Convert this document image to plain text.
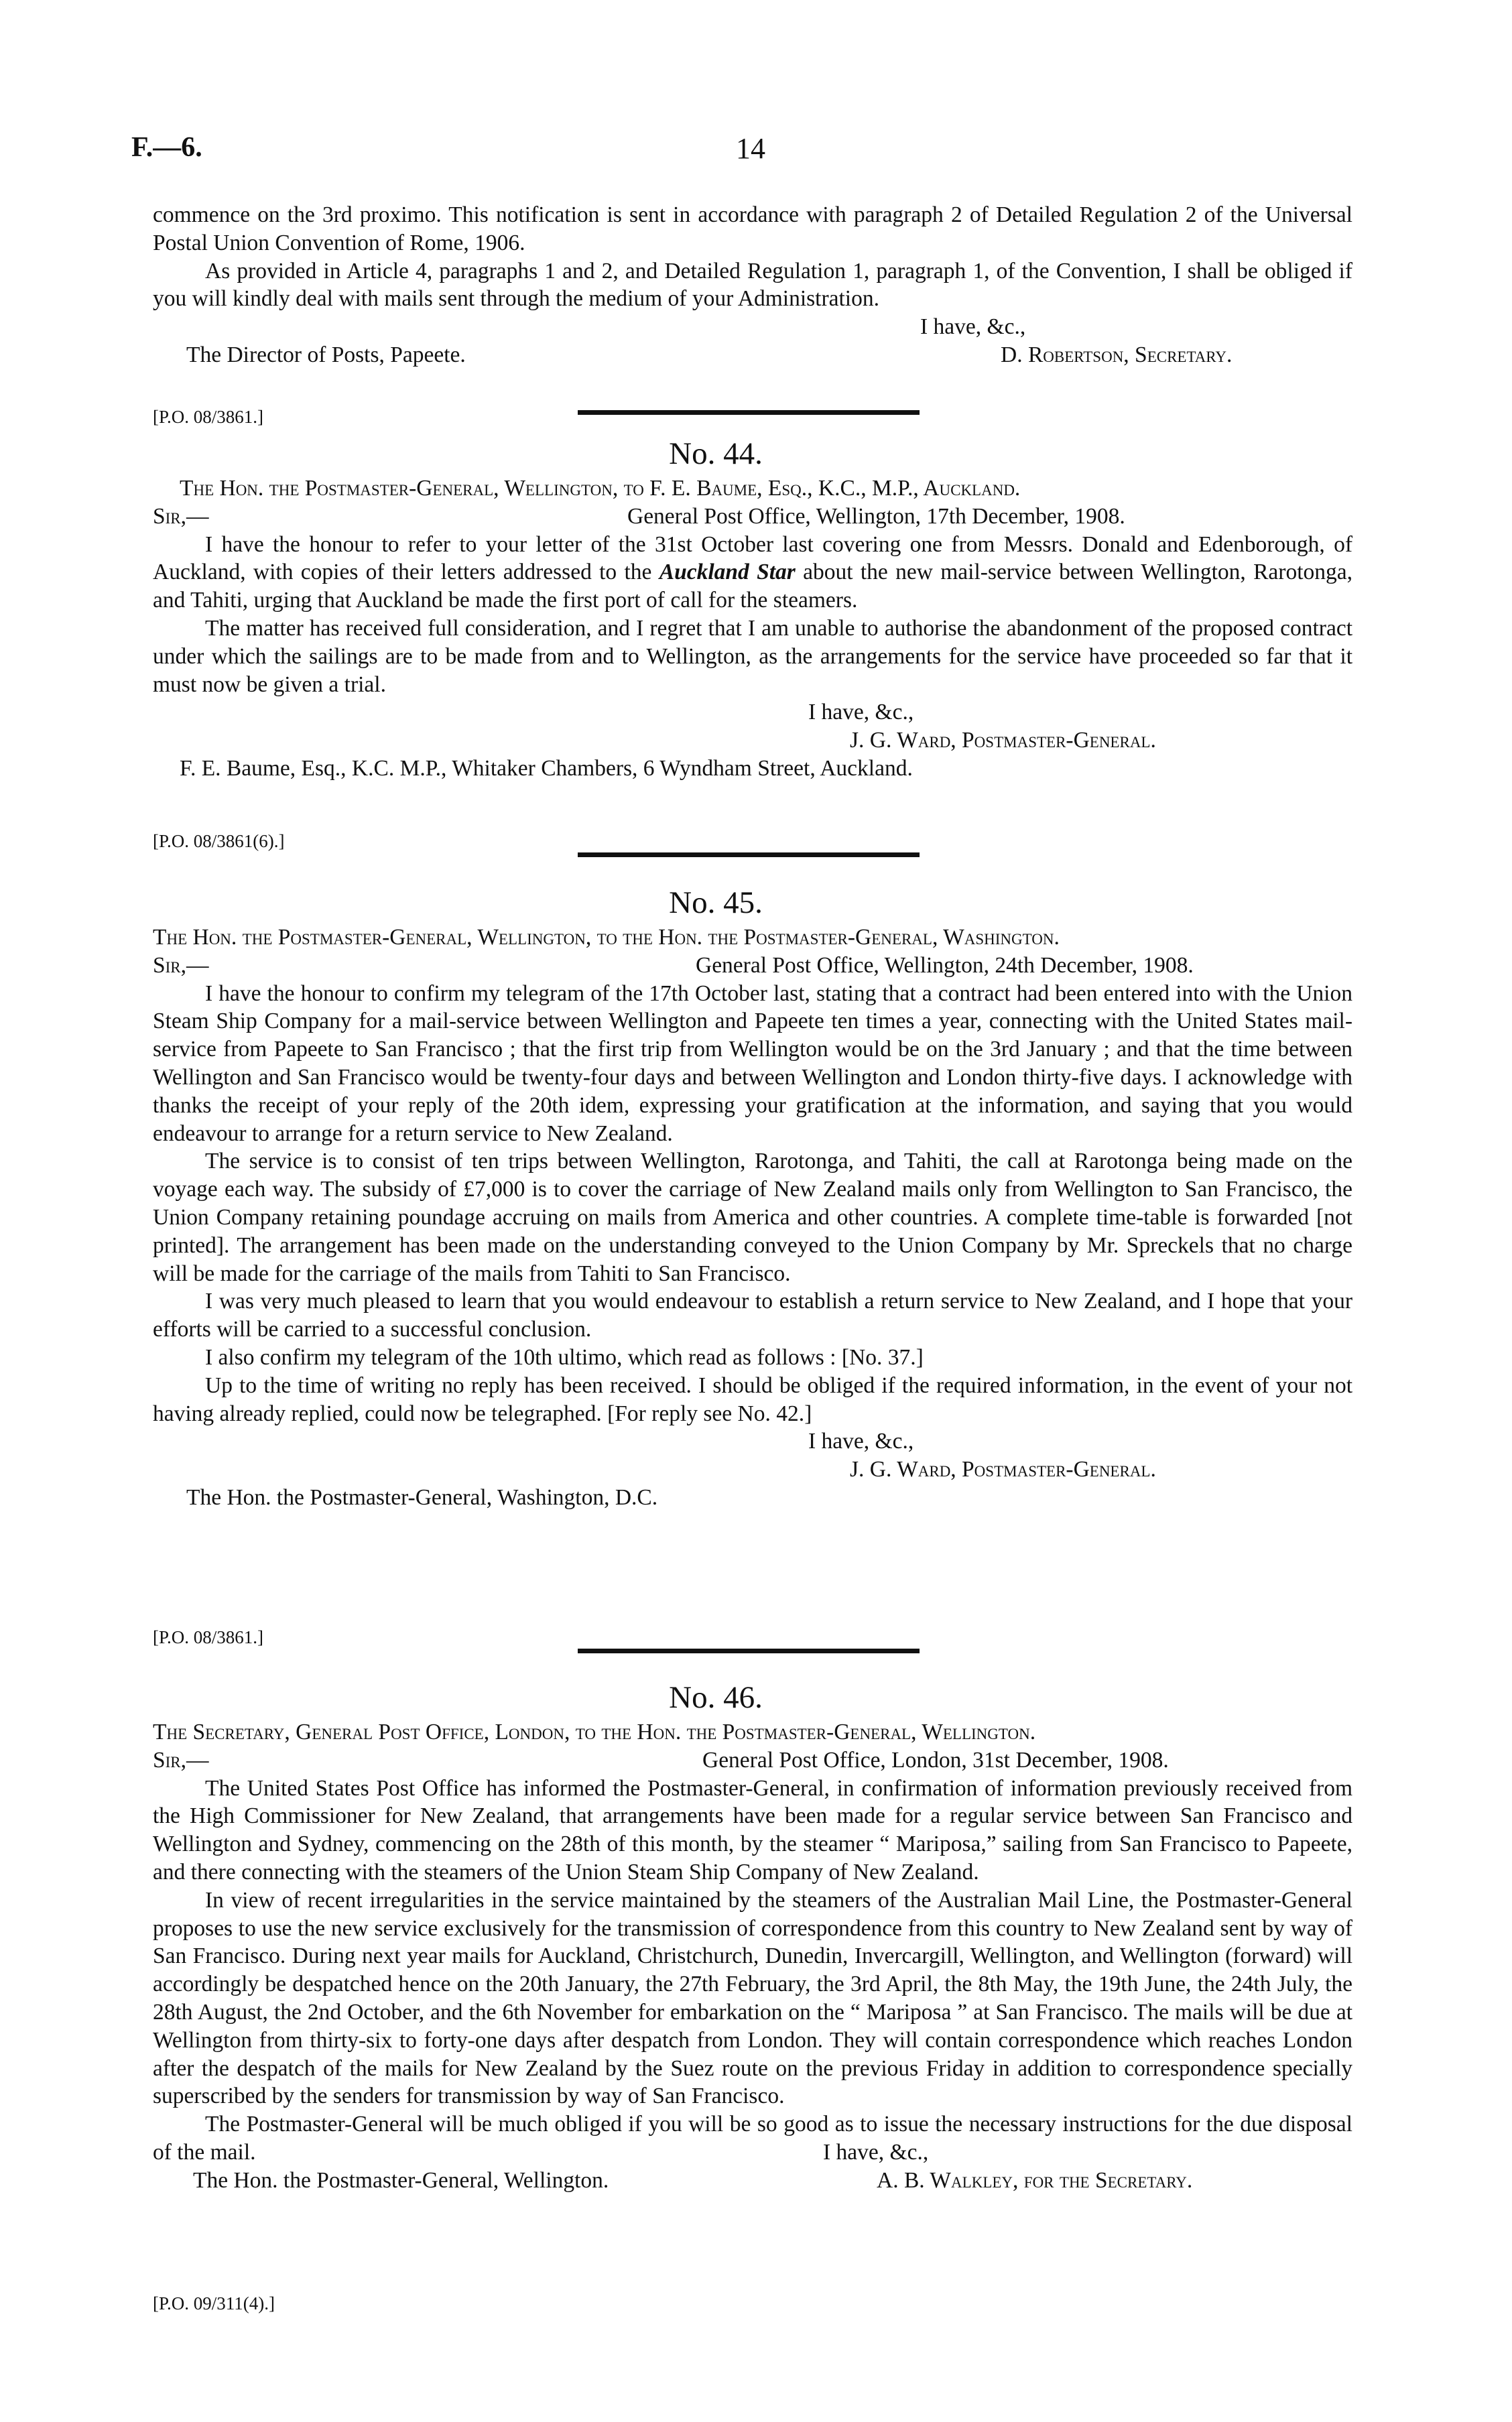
F.—6.	14

commence on the 3rd proximo. This notification is sent in accordance with paragraph 2 of Detailed Regulation 2 of the Universal Postal Union Convention of Rome, 1906.

As provided in Article 4, paragraphs 1 and 2, and Detailed Regulation 1, paragraph 1, of the Convention, I shall be obliged if you will kindly deal with mails sent through the medium of your Administration.

I have, &c.,
The Director of Posts, Papeete.	D. Robertson, Secretary.
[P.O. 08/3861.]
No. 44.
The Hon. the Postmaster-General, Wellington, to F. E. Baume, Esq., K.C., M.P., Auckland.
Sir,—	General Post Office, Wellington, 17th December, 1908.

I have the honour to refer to your letter of the 31st October last covering one from Messrs. Donald and Edenborough, of Auckland, with copies of their letters addressed to the Auckland Star about the new mail-service between Wellington, Rarotonga, and Tahiti, urging that Auckland be made the first port of call for the steamers.

The matter has received full consideration, and I regret that I am unable to authorise the abandonment of the proposed contract under which the sailings are to be made from and to Wellington, as the arrangements for the service have proceeded so far that it must now be given a trial.

I have, &c.,
J. G. Ward, Postmaster-General.
F. E. Baume, Esq., K.C. M.P., Whitaker Chambers, 6 Wyndham Street, Auckland.
[P.O. 08/3861(6).]
No. 45.
The Hon. the Postmaster-General, Wellington, to the Hon. the Postmaster-General, Washington.
Sir,—	General Post Office, Wellington, 24th December, 1908.

I have the honour to confirm my telegram of the 17th October last, stating that a contract had been entered into with the Union Steam Ship Company for a mail-service between Wellington and Papeete ten times a year, connecting with the United States mail-service from Papeete to San Francisco ; that the first trip from Wellington would be on the 3rd January ; and that the time between Wellington and San Francisco would be twenty-four days and between Wellington and London thirty-five days. I acknowledge with thanks the receipt of your reply of the 20th idem, expressing your gratification at the information, and saying that you would endeavour to arrange for a return service to New Zealand.

The service is to consist of ten trips between Wellington, Rarotonga, and Tahiti, the call at Rarotonga being made on the voyage each way. The subsidy of £7,000 is to cover the carriage of New Zealand mails only from Wellington to San Francisco, the Union Company retaining poundage accruing on mails from America and other countries. A complete time-table is forwarded [not printed]. The arrangement has been made on the understanding conveyed to the Union Company by Mr. Spreckels that no charge will be made for the carriage of the mails from Tahiti to San Francisco.

I was very much pleased to learn that you would endeavour to establish a return service to New Zealand, and I hope that your efforts will be carried to a successful conclusion.

I also confirm my telegram of the 10th ultimo, which read as follows : [No. 37.]

Up to the time of writing no reply has been received. I should be obliged if the required information, in the event of your not having already replied, could now be telegraphed. [For reply see No. 42.]

I have, &c.,
J. G. Ward, Postmaster-General.
The Hon. the Postmaster-General, Washington, D.C.
[P.O. 08/3861.]
No. 46.
The Secretary, General Post Office, London, to the Hon. the Postmaster-General, Wellington.
Sir,—	General Post Office, London, 31st December, 1908.

The United States Post Office has informed the Postmaster-General, in confirmation of information previously received from the High Commissioner for New Zealand, that arrangements have been made for a regular service between San Francisco and Wellington and Sydney, commencing on the 28th of this month, by the steamer “ Mariposa,” sailing from San Francisco to Papeete, and there connecting with the steamers of the Union Steam Ship Company of New Zealand.

In view of recent irregularities in the service maintained by the steamers of the Australian Mail Line, the Postmaster-General proposes to use the new service exclusively for the transmission of correspondence from this country to New Zealand sent by way of San Francisco. During next year mails for Auckland, Christchurch, Dunedin, Invercargill, Wellington, and Wellington (forward) will accordingly be despatched hence on the 20th January, the 27th February, the 3rd April, the 8th May, the 19th June, the 24th July, the 28th August, the 2nd October, and the 6th November for embarkation on the “ Mariposa ” at San Francisco. The mails will be due at Wellington from thirty-six to forty-one days after despatch from London. They will contain correspondence which reaches London after the despatch of the mails for New Zealand by the Suez route on the previous Friday in addition to correspondence specially superscribed by the senders for transmission by way of San Francisco.

The Postmaster-General will be much obliged if you will be so good as to issue the necessary instructions for the due disposal of the mail.	I have, &c.,
The Hon. the Postmaster-General, Wellington.	A. B. Walkley, for the Secretary.
[P.O. 09/311(4).]
